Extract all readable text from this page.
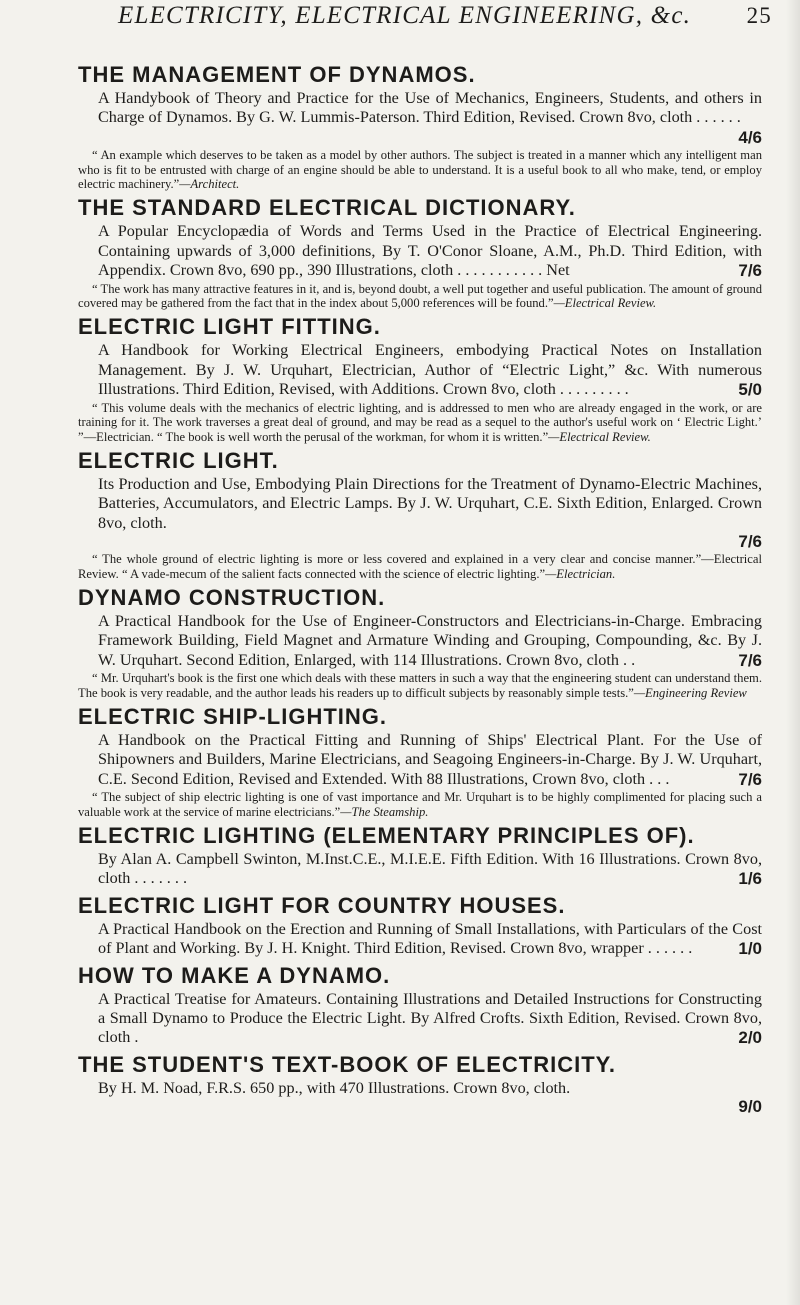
ELECTRICITY, ELECTRICAL ENGINEERING, &c. 25
THE MANAGEMENT OF DYNAMOS.
A Handybook of Theory and Practice for the Use of Mechanics, Engineers, Students, and others in Charge of Dynamos. By G. W. Lummis-Paterson. Third Edition, Revised. Crown 8vo, cloth . . . . . .
4/6
“ An example which deserves to be taken as a model by other authors. The subject is treated in a manner which any intelligent man who is fit to be entrusted with charge of an engine should be able to understand. It is a useful book to all who make, tend, or employ electric machinery.”—Architect.
THE STANDARD ELECTRICAL DICTIONARY.
A Popular Encyclopædia of Words and Terms Used in the Practice of Electrical Engineering. Containing upwards of 3,000 definitions, By T. O'Conor Sloane, A.M., Ph.D. Third Edition, with Appendix. Crown 8vo, 690 pp., 390 Illustrations, cloth . . . . . . . . . . . Net	7/6
“ The work has many attractive features in it, and is, beyond doubt, a well put together and useful publication. The amount of ground covered may be gathered from the fact that in the index about 5,000 references will be found.”—Electrical Review.
ELECTRIC LIGHT FITTING.
A Handbook for Working Electrical Engineers, embodying Practical Notes on Installation Management. By J. W. Urquhart, Electrician, Author of “Electric Light,” &c. With numerous Illustrations. Third Edition, Revised, with Additions. Crown 8vo, cloth . . . . . . . . .	5/0
“ This volume deals with the mechanics of electric lighting, and is addressed to men who are already engaged in the work, or are training for it. The work traverses a great deal of ground, and may be read as a sequel to the author's useful work on ‘ Electric Light.’ ”—Electrician. “ The book is well worth the perusal of the workman, for whom it is written.”—Electrical Review.
ELECTRIC LIGHT.
Its Production and Use, Embodying Plain Directions for the Treatment of Dynamo-Electric Machines, Batteries, Accumulators, and Electric Lamps. By J. W. Urquhart, C.E. Sixth Edition, Enlarged. Crown 8vo, cloth.
7/6
“ The whole ground of electric lighting is more or less covered and explained in a very clear and concise manner.”—Electrical Review. “ A vade-mecum of the salient facts connected with the science of electric lighting.”—Electrician.
DYNAMO CONSTRUCTION.
A Practical Handbook for the Use of Engineer-Constructors and Electricians-in-Charge. Embracing Framework Building, Field Magnet and Armature Winding and Grouping, Compounding, &c. By J. W. Urquhart. Second Edition, Enlarged, with 114 Illustrations. Crown 8vo, cloth . .	7/6
“ Mr. Urquhart's book is the first one which deals with these matters in such a way that the engineering student can understand them. The book is very readable, and the author leads his readers up to difficult subjects by reasonably simple tests.”—Engineering Review
ELECTRIC SHIP-LIGHTING.
A Handbook on the Practical Fitting and Running of Ships' Electrical Plant. For the Use of Shipowners and Builders, Marine Electricians, and Seagoing Engineers-in-Charge. By J. W. Urquhart, C.E. Second Edition, Revised and Extended. With 88 Illustrations, Crown 8vo, cloth . . .	7/6
“ The subject of ship electric lighting is one of vast importance and Mr. Urquhart is to be highly complimented for placing such a valuable work at the service of marine electricians.”—The Steamship.
ELECTRIC LIGHTING (ELEMENTARY PRINCIPLES OF).
By Alan A. Campbell Swinton, M.Inst.C.E., M.I.E.E. Fifth Edition. With 16 Illustrations. Crown 8vo, cloth . . . . . . .	1/6
ELECTRIC LIGHT FOR COUNTRY HOUSES.
A Practical Handbook on the Erection and Running of Small Installations, with Particulars of the Cost of Plant and Working. By J. H. Knight. Third Edition, Revised. Crown 8vo, wrapper . . . . . .	1/0
HOW TO MAKE A DYNAMO.
A Practical Treatise for Amateurs. Containing Illustrations and Detailed Instructions for Constructing a Small Dynamo to Produce the Electric Light. By Alfred Crofts. Sixth Edition, Revised. Crown 8vo, cloth .	2/0
THE STUDENT'S TEXT-BOOK OF ELECTRICITY.
By H. M. Noad, F.R.S. 650 pp., with 470 Illustrations. Crown 8vo, cloth.
9/0
